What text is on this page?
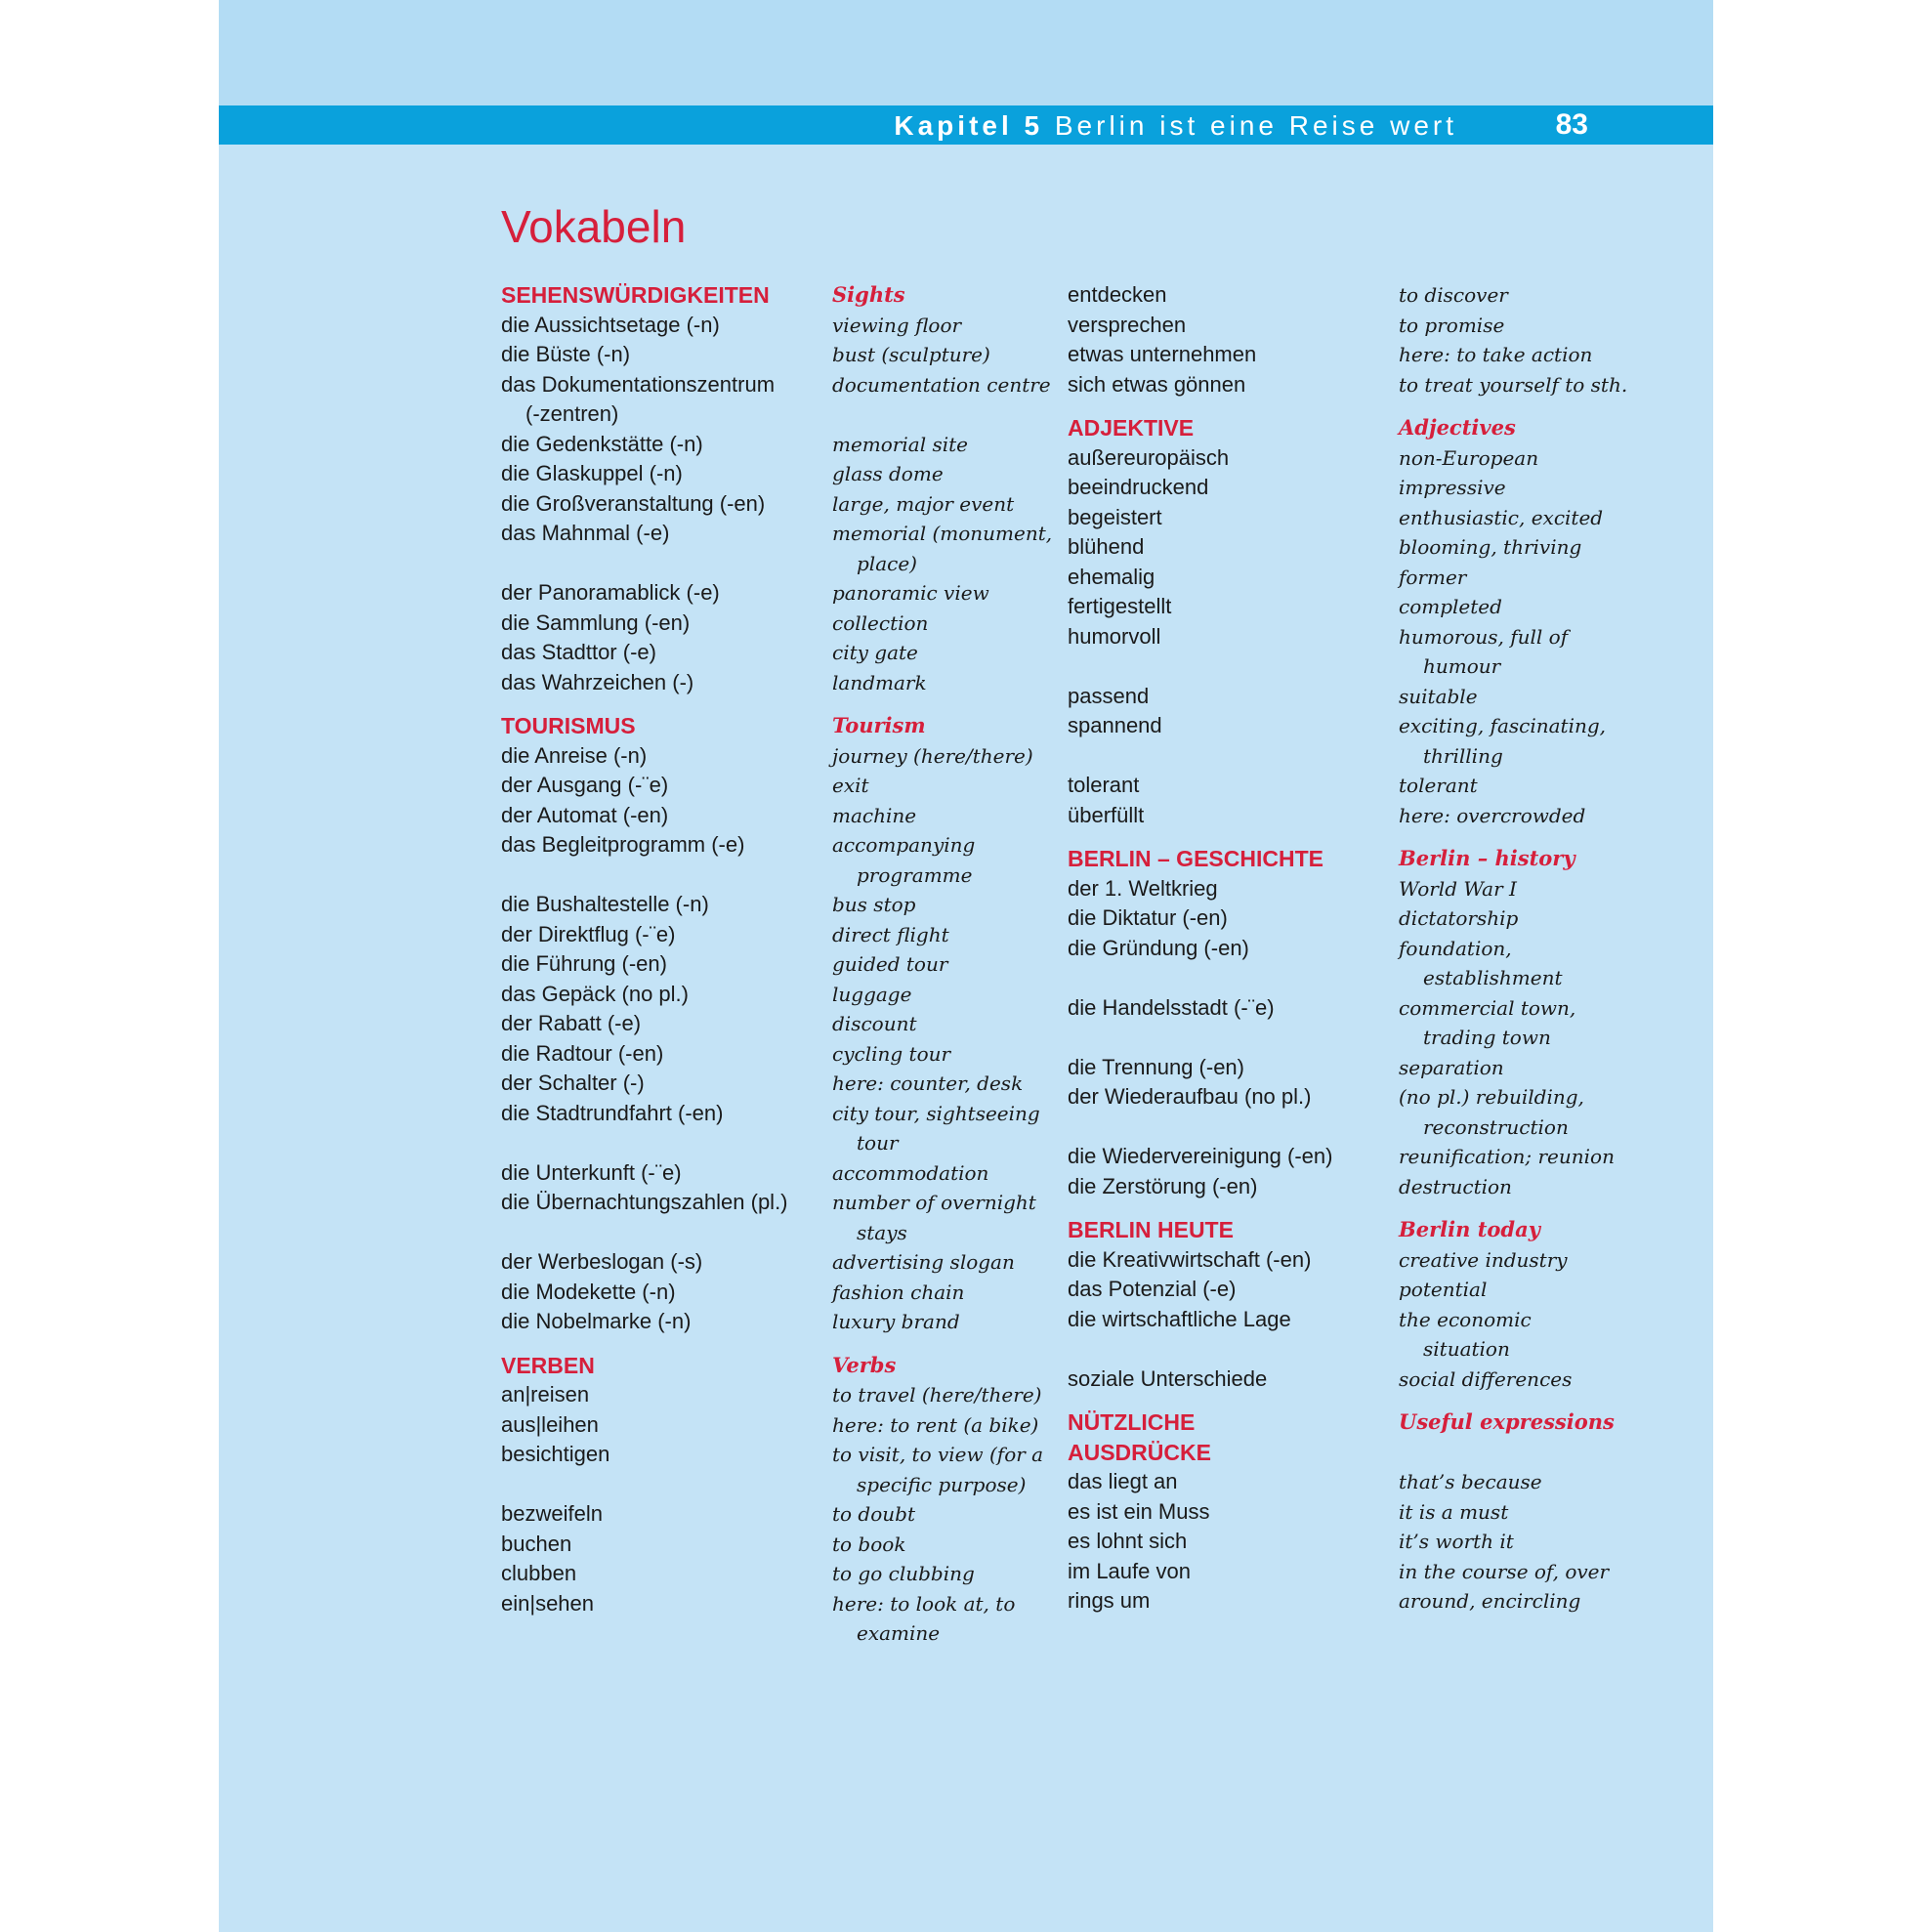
Kapitel 5 Berlin ist eine Reise wert	83
Vokabeln
SEHENSWÜRDIGKEITEN
die Aussichtsetage (-n)
die Büste (-n)
das Dokumentationszentrum
(-zentren)
die Gedenkstätte (-n)
die Glaskuppel (-n)
die Großveranstaltung (-en)
das Mahnmal (-e)
der Panoramablick (-e)
die Sammlung (-en)
das Stadttor (-e)
das Wahrzeichen (-)
TOURISMUS
die Anreise (-n)
der Ausgang (-¨e)
der Automat (-en)
das Begleitprogramm (-e)
die Bushaltestelle (-n)
der Direktflug (-¨e)
die Führung (-en)
das Gepäck (no pl.)
der Rabatt (-e)
die Radtour (-en)
der Schalter (-)
die Stadtrundfahrt (-en)
die Unterkunft (-¨e)
die Übernachtungszahlen (pl.)
der Werbeslogan (-s)
die Modekette (-n)
die Nobelmarke (-n)
VERBEN
an|reisen
aus|leihen
besichtigen
bezweifeln
buchen
clubben
ein|sehen
Sights
viewing floor
bust (sculpture)
documentation centre
memorial site
glass dome
large, major event
memorial (monument,
place)
panoramic view
collection
city gate
landmark
Tourism
journey (here/there)
exit
machine
accompanying
programme
bus stop
direct flight
guided tour
luggage
discount
cycling tour
here: counter, desk
city tour, sightseeing
tour
accommodation
number of overnight
stays
advertising slogan
fashion chain
luxury brand
Verbs
to travel (here/there)
here: to rent (a bike)
to visit, to view (for a
specific purpose)
to doubt
to book
to go clubbing
here: to look at, to
examine
entdecken
versprechen
etwas unternehmen
sich etwas gönnen
ADJEKTIVE
außereuropäisch
beeindruckend
begeistert
blühend
ehemalig
fertigestellt
humorvoll
passend
spannend
tolerant
überfüllt
BERLIN – GESCHICHTE
der 1. Weltkrieg
die Diktatur (-en)
die Gründung (-en)
die Handelsstadt (-¨e)
die Trennung (-en)
der Wiederaufbau (no pl.)
die Wiedervereinigung (-en)
die Zerstörung (-en)
BERLIN HEUTE
die Kreativwirtschaft (-en)
das Potenzial (-e)
die wirtschaftliche Lage
soziale Unterschiede
NÜTZLICHE
AUSDRÜCKE
das liegt an
es ist ein Muss
es lohnt sich
im Laufe von
rings um
to discover
to promise
here: to take action
to treat yourself to sth.
Adjectives
non-European
impressive
enthusiastic, excited
blooming, thriving
former
completed
humorous, full of
humour
suitable
exciting, fascinating,
thrilling
tolerant
here: overcrowded
Berlin – history
World War I
dictatorship
foundation,
establishment
commercial town,
trading town
separation
(no pl.) rebuilding,
reconstruction
reunification; reunion
destruction
Berlin today
creative industry
potential
the economic
situation
social differences
Useful expressions
that’s because
it is a must
it’s worth it
in the course of, over
around, encircling
